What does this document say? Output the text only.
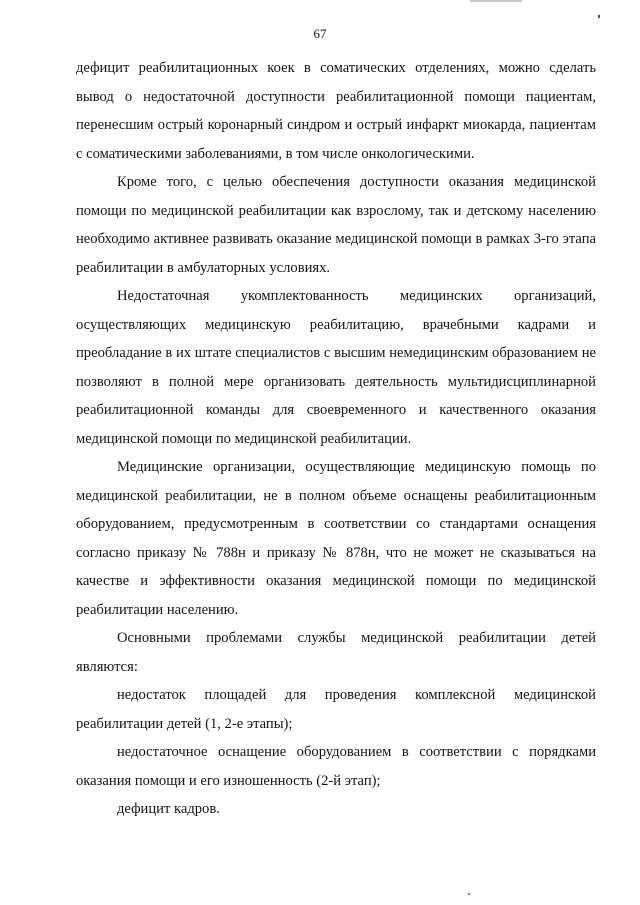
67

дефицит реабилитационных коек в соматических отделениях, можно сделать вывод о недостаточной доступности реабилитационной помощи пациентам, перенесшим острый коронарный синдром и острый инфаркт миокарда, пациентам с соматическими заболеваниями, в том числе онкологическими.

Кроме того, с целью обеспечения доступности оказания медицинской помощи по медицинской реабилитации как взрослому, так и детскому населению необходимо активнее развивать оказание медицинской помощи в рамках 3-го этапа реабилитации в амбулаторных условиях.

Недостаточная укомплектованность медицинских организаций, осуществляющих медицинскую реабилитацию, врачебными кадрами и преобладание в их штате специалистов с высшим немедицинским образованием не позволяют в полной мере организовать деятельность мультидисциплинарной реабилитационной команды для своевременного и качественного оказания медицинской помощи по медицинской реабилитации.

Медицинские организации, осуществляющие медицинскую помощь по медицинской реабилитации, не в полном объеме оснащены реабилитационным оборудованием, предусмотренным в соответствии со стандартами оснащения согласно приказу № 788н и приказу № 878н, что не может не сказываться на качестве и эффективности оказания медицинской помощи по медицинской реабилитации населению.

Основными проблемами службы медицинской реабилитации детей являются:

недостаток площадей для проведения комплексной медицинской реабилитации детей (1, 2-е этапы);

недостаточное оснащение оборудованием в соответствии с порядками оказания помощи и его изношенность (2-й этап);

дефицит кадров.
